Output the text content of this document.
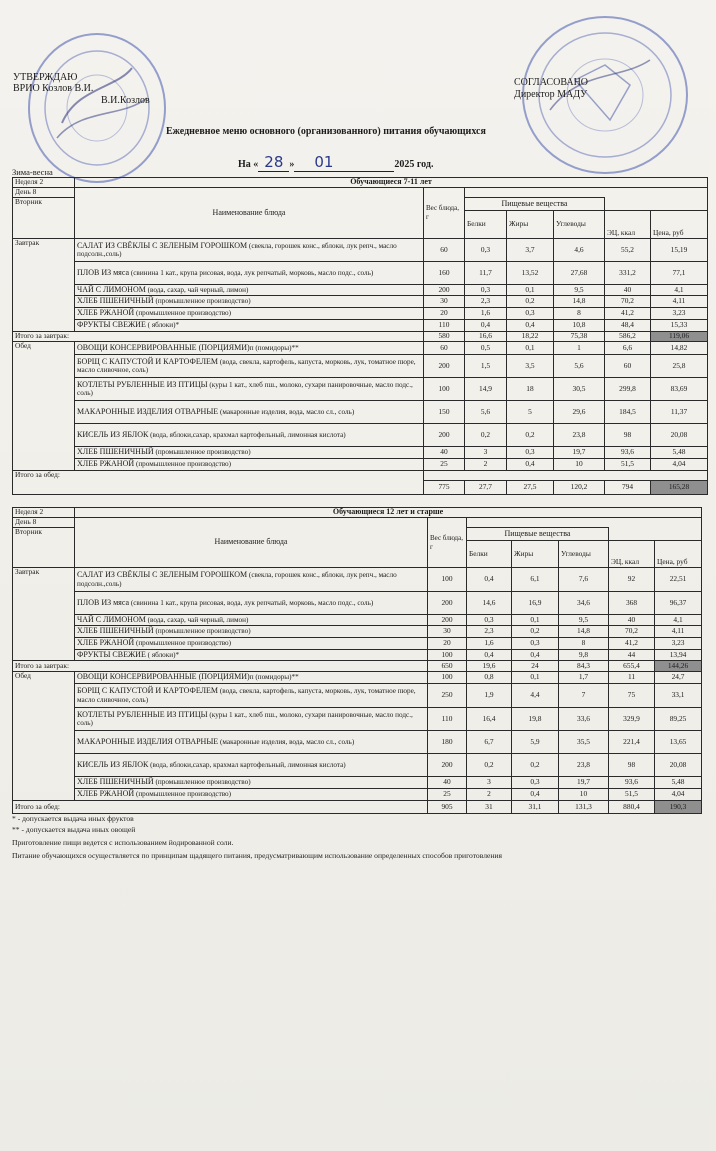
УТВЕРЖДАЮ
ВРИО Козлов В.И.
В.И.Козлов
СОГЛАСОВАНО
Директор МАДУ
Ежедневное меню основного (организованного) питания обучающихся
На « 28 » 01	2025 год.
Зима-весна
Неделя 2	Обучающиеся 7-11 лет						
День 8	Наименование блюда	Вес блюда, г					
Вторник			Пищевые вещества				
			Белки	Жиры	Углеводы	ЭЦ, ккал	Цена, руб
Завтрак	САЛАТ ИЗ СВЁКЛЫ С ЗЕЛЕНЫМ ГОРОШКОМ (свекла, горошек конс., яблоки, лук репч., масло подсолн.,соль)	60	0,3	3,7	4,6	55,2	15,19
	ПЛОВ ИЗ мяса (свинина 1 кат., крупа рисовая, вода, лук репчатый, морковь, масло подс., соль)	160	11,7	13,52	27,68	331,2	77,1
	ЧАЙ С ЛИМОНОМ (вода, сахар, чай черный, лимон)	200	0,3	0,1	9,5	40	4,1
	ХЛЕБ ПШЕНИЧНЫЙ (промышленное производство)	30	2,3	0,2	14,8	70,2	4,11
	ХЛЕБ РЖАНОЙ (промышленное производство)	20	1,6	0,3	8	41,2	3,23
	ФРУКТЫ СВЕЖИЕ ( яблоки)*	110	0,4	0,4	10,8	48,4	15,33
Итого за завтрак:		580	16,6	18,22	75,38	586,2	119,06
Обед	ОВОЩИ КОНСЕРВИРОВАННЫЕ (ПОРЦИЯМИ)п (помидоры)**	60	0,5	0,1	1	6,6	14,82
	БОРЩ С КАПУСТОЙ И КАРТОФЕЛЕМ (вода, свекла, картофель, капуста, морковь, лук, томатное пюре, масло сливочное, соль)	200	1,5	3,5	5,6	60	25,8
	КОТЛЕТЫ РУБЛЕННЫЕ ИЗ ПТИЦЫ (куры 1 кат., хлеб пш., молоко, сухари панировочные, масло подс., соль)	100	14,9	18	30,5	299,8	83,69
	МАКАРОННЫЕ ИЗДЕЛИЯ ОТВАРНЫЕ (макаронные изделия, вода, масло сл., соль)	150	5,6	5	29,6	184,5	11,37
	КИСЕЛЬ ИЗ ЯБЛОК (вода, яблоки,сахар, крахмал картофельный, лимонная кислота)	200	0,2	0,2	23,8	98	20,08
	ХЛЕБ ПШЕНИЧНЫЙ (промышленное производство)	40	3	0,3	19,7	93,6	5,48
	ХЛЕБ РЖАНОЙ (промышленное производство)	25	2	0,4	10	51,5	4,04
Итого за обед:							
		775	27,7	27,5	120,2	794	165,28
Неделя 2	Обучающиеся 12 лет и старше						
День 8	Наименование блюда	Вес блюда, г					
Вторник			Пищевые вещества				
			Белки	Жиры	Углеводы	ЭЦ, ккал	Цена, руб
Завтрак	САЛАТ ИЗ СВЁКЛЫ С ЗЕЛЕНЫМ ГОРОШКОМ (свекла, горошек конс., яблоки, лук репч., масло подсолн.,соль)	100	0,4	6,1	7,6	92	22,51
	ПЛОВ ИЗ мяса (свинина 1 кат., крупа рисовая, вода, лук репчатый, морковь, масло подс., соль)	200	14,6	16,9	34,6	368	96,37
	ЧАЙ С ЛИМОНОМ (вода, сахар, чай черный, лимон)	200	0,3	0,1	9,5	40	4,1
	ХЛЕБ ПШЕНИЧНЫЙ (промышленное производство)	30	2,3	0,2	14,8	70,2	4,11
	ХЛЕБ РЖАНОЙ (промышленное производство)	20	1,6	0,3	8	41,2	3,23
	ФРУКТЫ СВЕЖИЕ ( яблоки)*	100	0,4	0,4	9,8	44	13,94
Итого за завтрак:		650	19,6	24	84,3	655,4	144,26
Обед	ОВОЩИ КОНСЕРВИРОВАННЫЕ (ПОРЦИЯМИ)п (помидоры)**	100	0,8	0,1	1,7	11	24,7
	БОРЩ С КАПУСТОЙ И КАРТОФЕЛЕМ (вода, свекла, картофель, капуста, морковь, лук, томатное пюре, масло сливочное, соль)	250	1,9	4,4	7	75	33,1
	КОТЛЕТЫ РУБЛЕННЫЕ ИЗ ПТИЦЫ (куры 1 кат., хлеб пш., молоко, сухари панировочные, масло подс., соль)	110	16,4	19,8	33,6	329,9	89,25
	МАКАРОННЫЕ ИЗДЕЛИЯ ОТВАРНЫЕ (макаронные изделия, вода, масло сл., соль)	180	6,7	5,9	35,5	221,4	13,65
	КИСЕЛЬ ИЗ ЯБЛОК (вода, яблоки,сахар, крахмал картофельный, лимонная кислота)	200	0,2	0,2	23,8	98	20,08
	ХЛЕБ ПШЕНИЧНЫЙ (промышленное производство)	40	3	0,3	19,7	93,6	5,48
	ХЛЕБ РЖАНОЙ (промышленное производство)	25	2	0,4	10	51,5	4,04
Итого за обед:		905	31	31,1	131,3	880,4	190,3
* - допускается выдача иных фруктов
** - допускается выдача иных овощей
Приготовление пищи ведется с использованием йодированной соли.
Питание обучающихся осуществляется по принципам щадящего питания, предусматривающим использование определенных способов приготовления
